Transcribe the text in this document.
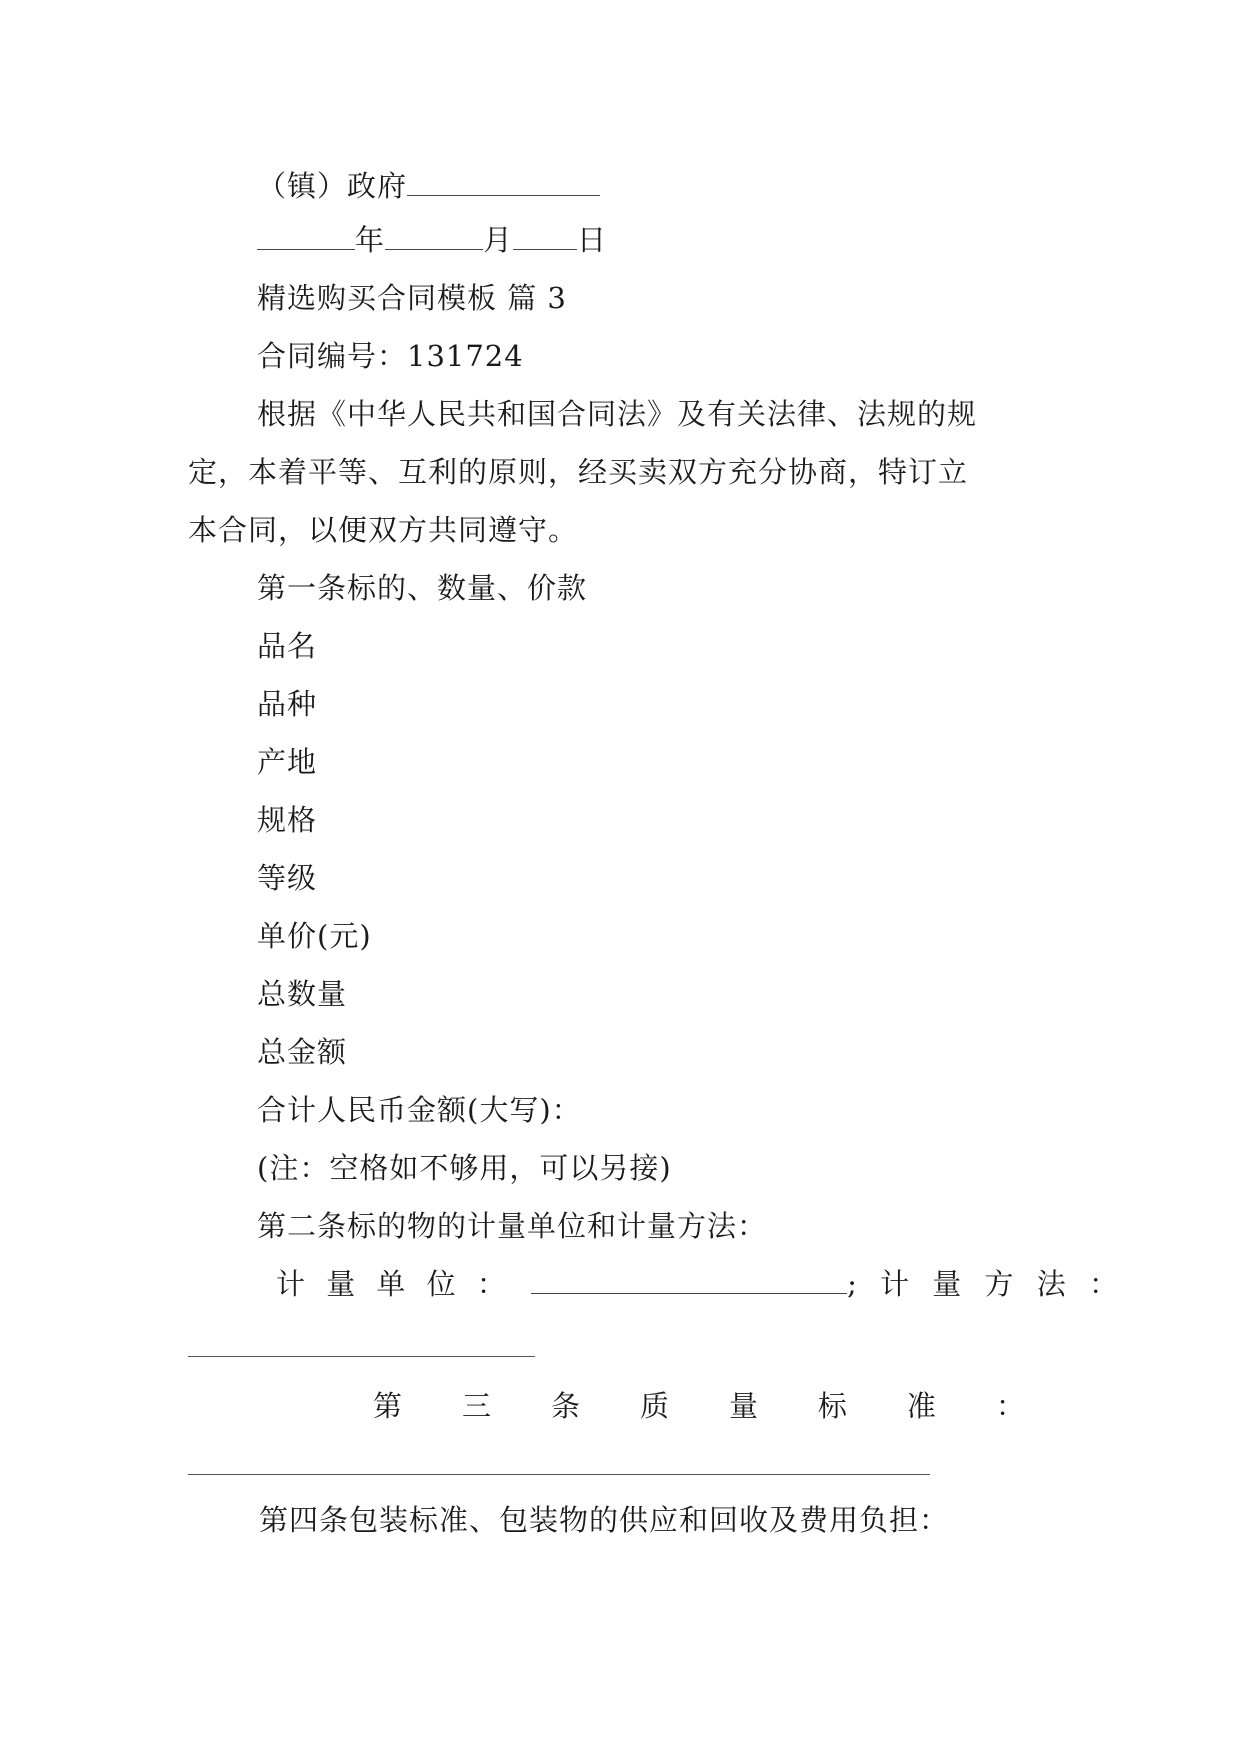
（镇）政府
年	月 日
精选购买合同模板 篇 3
合同编号：131724
根据《中华人民共和国合同法》及有关法律、法规的规
定，本着平等、互利的原则，经买卖双方充分协商，特订立
本合同，以便双方共同遵守。
第一条标的、数量、价款
品名
品种
产地
规格
等级
单价(元)
总数量
总金额
合计人民币金额(大写)：
(注：空格如不够用，可以另接)
第二条标的物的计量单位和计量方法：
计 量 单 位 ：	; 计 量 方 法 ：
第 三 条 质 量 标 准 ：
第四条包装标准、包装物的供应和回收及费用负担：
